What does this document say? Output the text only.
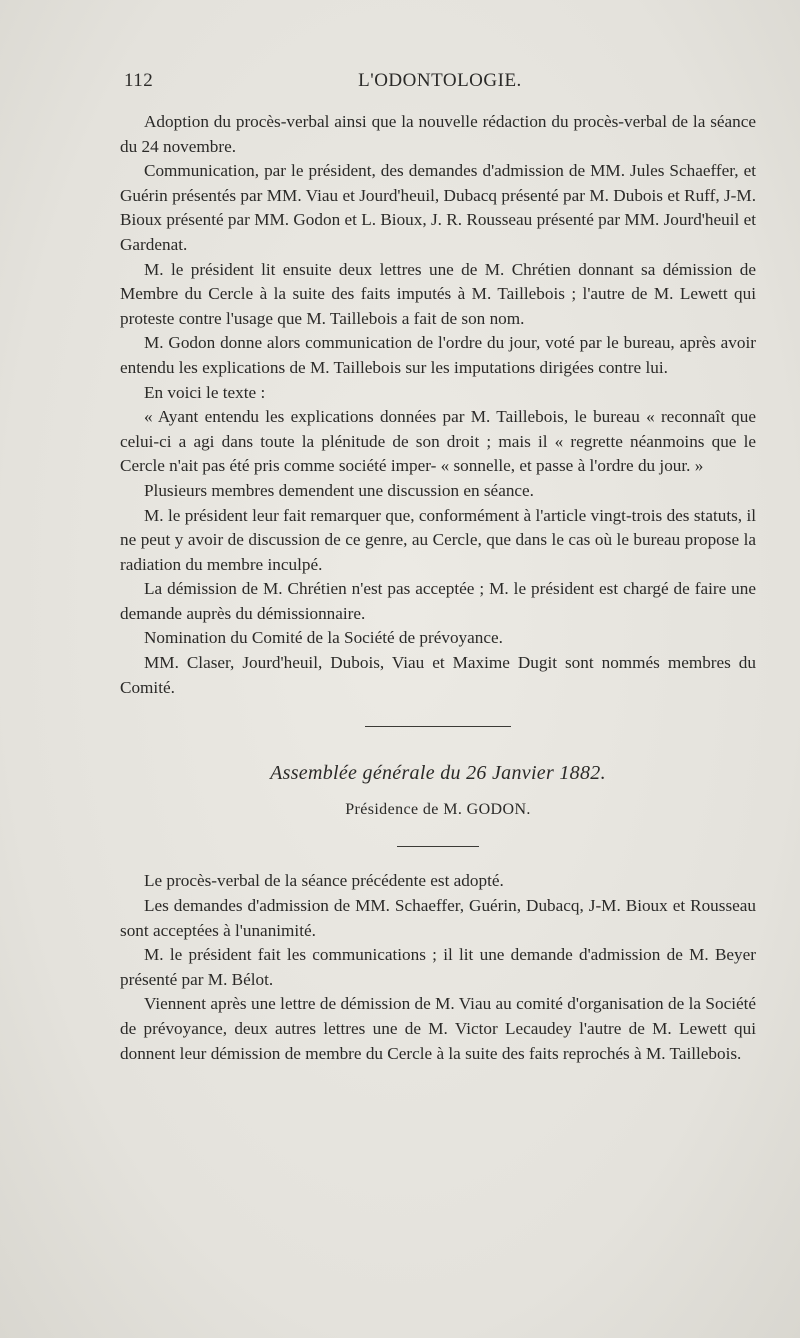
112	L'ODONTOLOGIE.

Adoption du procès-verbal ainsi que la nouvelle rédaction du procès-verbal de la séance du 24 novembre.

Communication, par le président, des demandes d'admission de MM. Jules Schaeffer, et Guérin présentés par MM. Viau et Jourd'heuil, Dubacq présenté par M. Dubois et Ruff, J-M. Bioux présenté par MM. Godon et L. Bioux, J. R. Rousseau présenté par MM. Jourd'heuil et Gardenat.

M. le président lit ensuite deux lettres une de M. Chrétien donnant sa démission de Membre du Cercle à la suite des faits imputés à M. Taillebois ; l'autre de M. Lewett qui proteste contre l'usage que M. Taillebois a fait de son nom.

M. Godon donne alors communication de l'ordre du jour, voté par le bureau, après avoir entendu les explications de M. Taillebois sur les imputations dirigées contre lui.

En voici le texte :

« Ayant entendu les explications données par M. Taillebois, le bureau « reconnaît que celui-ci a agi dans toute la plénitude de son droit ; mais il « regrette néanmoins que le Cercle n'ait pas été pris comme société imper- « sonnelle, et passe à l'ordre du jour. »

Plusieurs membres demendent une discussion en séance.

M. le président leur fait remarquer que, conformément à l'article vingt-trois des statuts, il ne peut y avoir de discussion de ce genre, au Cercle, que dans le cas où le bureau propose la radiation du membre inculpé.

La démission de M. Chrétien n'est pas acceptée ; M. le président est chargé de faire une demande auprès du démissionnaire.

Nomination du Comité de la Société de prévoyance.

MM. Claser, Jourd'heuil, Dubois, Viau et Maxime Dugit sont nommés membres du Comité.

Assemblée générale du 26 Janvier 1882.
Présidence de M. GODON.

Le procès-verbal de la séance précédente est adopté.

Les demandes d'admission de MM. Schaeffer, Guérin, Dubacq, J-M. Bioux et Rousseau sont acceptées à l'unanimité.

M. le président fait les communications ; il lit une demande d'admission de M. Beyer présenté par M. Bélot.

Viennent après une lettre de démission de M. Viau au comité d'organisation de la Société de prévoyance, deux autres lettres une de M. Victor Lecaudey l'autre de M. Lewett qui donnent leur démission de membre du Cercle à la suite des faits reprochés à M. Taillebois.
